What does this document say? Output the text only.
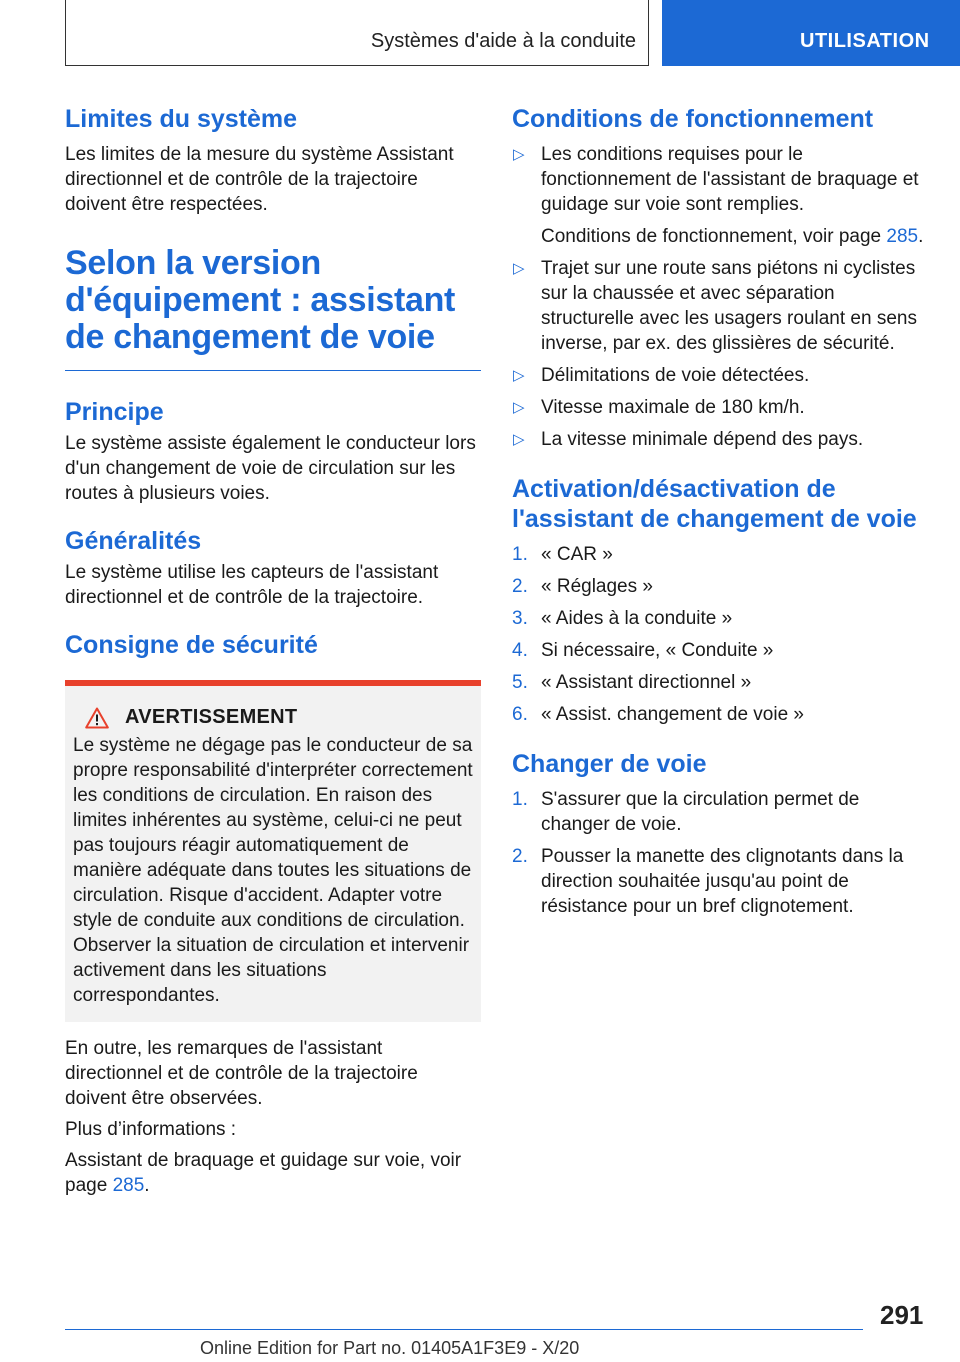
Systèmes d'aide à la conduite	UTILISATION
Limites du système

Les limites de la mesure du système Assistant directionnel et de contrôle de la trajectoire doivent être respectées.

Selon la version d'équipement : assistant de changement de voie
Principe

Le système assiste également le conducteur lors d'un changement de voie de circulation sur les routes à plusieurs voies.

Généralités

Le système utilise les capteurs de l'assistant directionnel et de contrôle de la trajectoire.

Consigne de sécurité
AVERTISSEMENT

Le système ne dégage pas le conducteur de sa propre responsabilité d'interpréter correctement les conditions de circulation. En raison des limites inhérentes au système, celui-ci ne peut pas toujours réagir automatiquement de manière adéquate dans toutes les situations de circulation. Risque d'accident. Adapter votre style de conduite aux conditions de circulation. Observer la situation de circulation et intervenir activement dans les situations correspondantes.

En outre, les remarques de l'assistant directionnel et de contrôle de la trajectoire doivent être observées.

Plus d’informations :

Assistant de braquage et guidage sur voie, voir page 285.

Conditions de fonctionnement
▷ Les conditions requises pour le fonctionnement de l'assistant de braquage et guidage sur voie sont remplies.
Conditions de fonctionnement, voir page 285.
▷ Trajet sur une route sans piétons ni cyclistes sur la chaussée et avec séparation structurelle avec les usagers roulant en sens inverse, par ex. des glissières de sécurité.
▷ Délimitations de voie détectées.
▷ Vitesse maximale de 180 km/h.
▷ La vitesse minimale dépend des pays.
Activation/désactivation de l'assistant de changement de voie
1. « CAR »
2. « Réglages »
3. « Aides à la conduite »
4. Si nécessaire, « Conduite »
5. « Assistant directionnel »
6. « Assist. changement de voie »
Changer de voie
1. S'assurer que la circulation permet de changer de voie.
2. Pousser la manette des clignotants dans la direction souhaitée jusqu'au point de résistance pour un bref clignotement.
291
Online Edition for Part no. 01405A1F3E9 - X/20
